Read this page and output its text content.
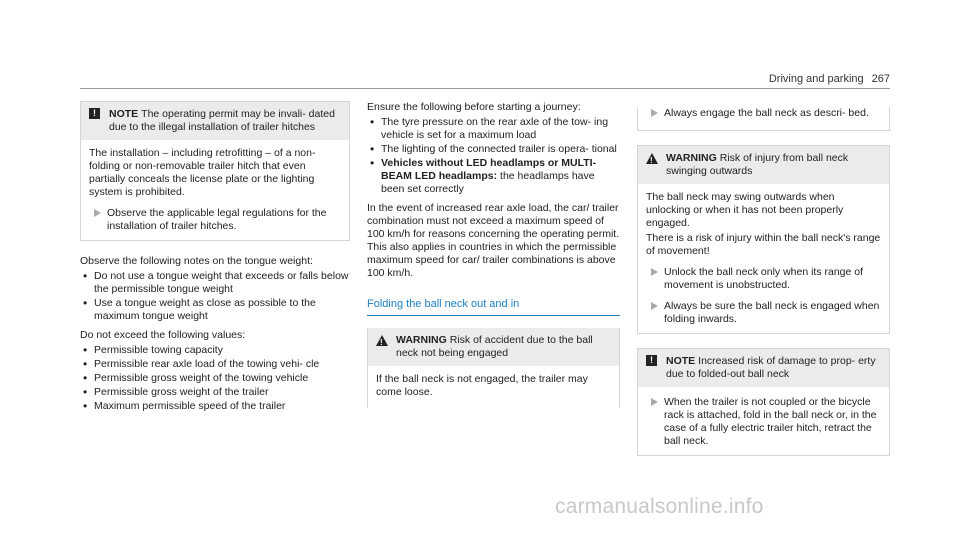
Driving and parking 267
!	NOTE The operating permit may be invali- dated due to the illegal installation of trailer hitches

The installation – including retrofitting – of a non-folding or non-removable trailer hitch that even partially conceals the license plate or the lighting system is prohibited.

Observe the applicable legal regulations for the installation of trailer hitches.

Observe the following notes on the tongue weight:

• Do not use a tongue weight that exceeds or falls below the permissible tongue weight
• Use a tongue weight as close as possible to the maximum tongue weight

Do not exceed the following values:

• Permissible towing capacity
• Permissible rear axle load of the towing vehi- cle
• Permissible gross weight of the towing vehicle
• Permissible gross weight of the trailer
• Maximum permissible speed of the trailer

Ensure the following before starting a journey:

• The tyre pressure on the rear axle of the tow- ing vehicle is set for a maximum load
• The lighting of the connected trailer is opera- tional
• Vehicles without LED headlamps or MULTI- BEAM LED headlamps: the headlamps have been set correctly

In the event of increased rear axle load, the car/ trailer combination must not exceed a maximum speed of 100 km/h for reasons concerning the operating permit. This also applies in countries in which the permissible maximum speed for car/ trailer combinations is above 100 km/h.

Folding the ball neck out and in
!
WARNING Risk of accident due to the ball neck not being engaged

If the ball neck is not engaged, the trailer may come loose.

Always engage the ball neck as descri- bed.
!
WARNING Risk of injury from ball neck swinging outwards

The ball neck may swing outwards when unlocking or when it has not been properly engaged.

There is a risk of injury within the ball neck's range of movement!

Unlock the ball neck only when its range of movement is unobstructed.
Always be sure the ball neck is engaged when folding inwards.
!	NOTE Increased risk of damage to prop- erty due to folded-out ball neck
When the trailer is not coupled or the bicycle rack is attached, fold in the ball neck or, in the case of a fully electric trailer hitch, retract the ball neck.
carmanualsonline.info
